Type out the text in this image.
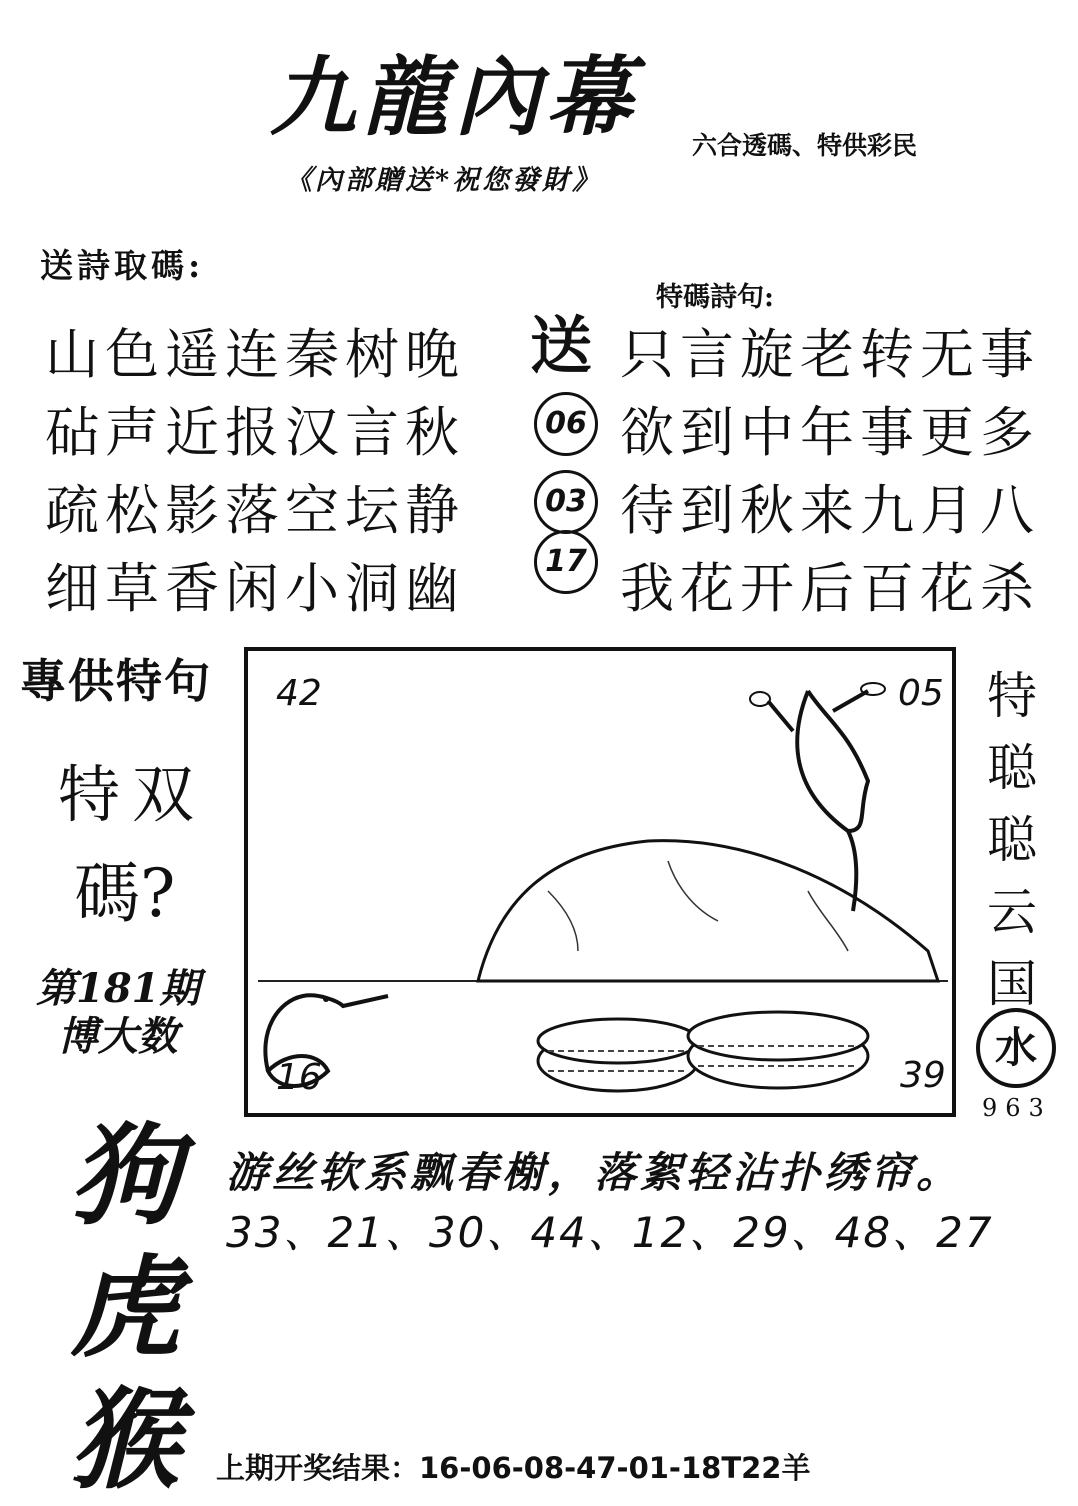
九龍內幕 六合透碼、特供彩民
《內部贈送*祝您發財》
送詩取碼:
山色遥连秦树晚
砧声近报汉言秋
疏松影落空坛静
细草香闲小洞幽
特碼詩句:
送 只言旋老转无事
06 欲到中年事更多
03 待到秋来九月八
17 我花开后百花杀
專供特句
特双
碼?
第181期
博大数
狗
虎
猴
42	05
16	39
特
聪
聪
云
国
水
963
游丝软系飘春榭，落絮轻沾扑绣帘。
33、21、30、44、12、29、48、27
上期开奖结果：16-06-08-47-01-18T22羊
